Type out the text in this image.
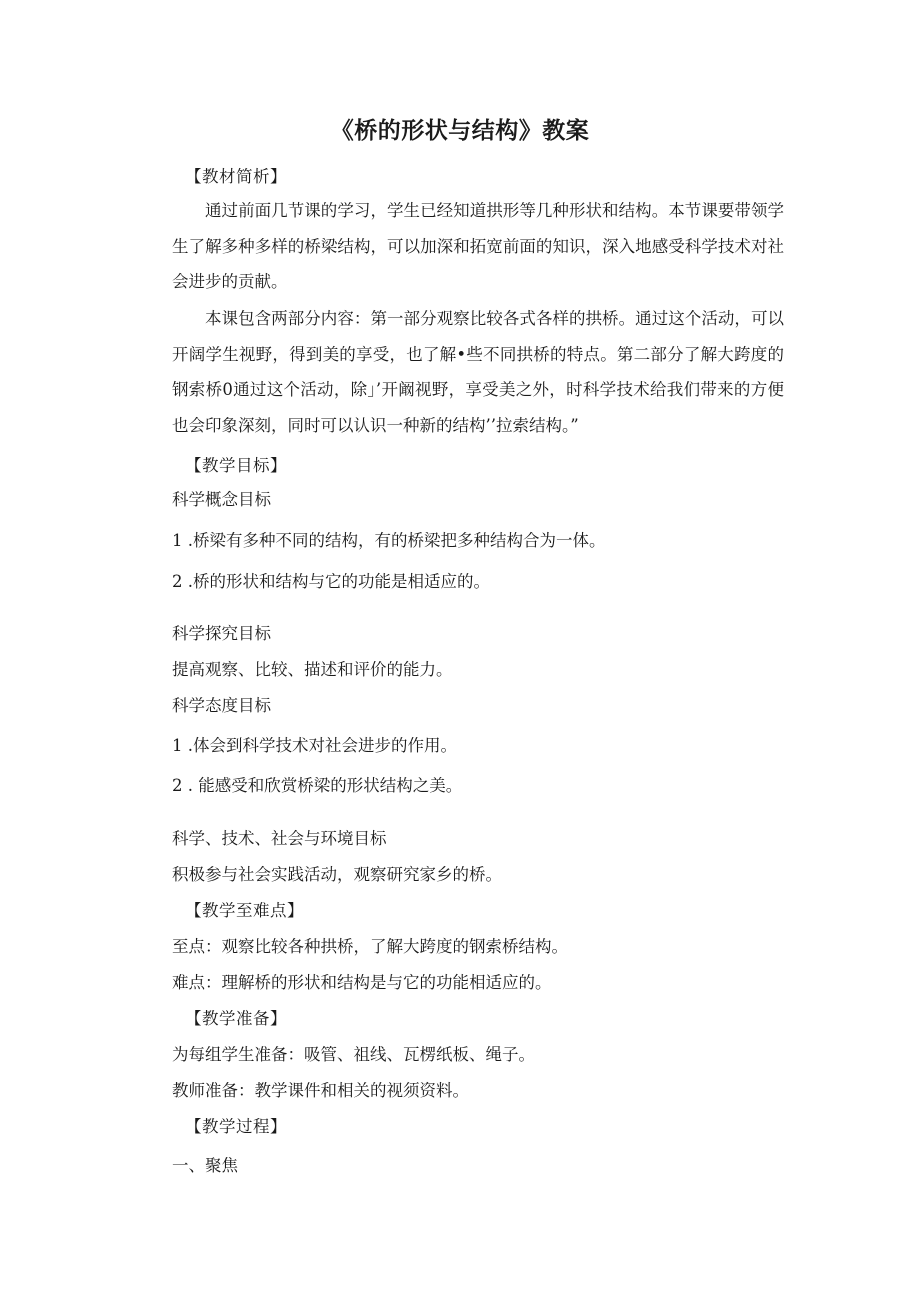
《桥的形状与结构》教案
【教材简析】
通过前面几节课的学习，学生已经知道拱形等几种形状和结构。本节课要带领学生了解多种多样的桥梁结构，可以加深和拓宽前面的知识，深入地感受科学技术对社会进步的贡献。
本课包含两部分内容：第一部分观察比较各式各样的拱桥。通过这个活动，可以开阔学生视野，得到美的享受，也了解•些不同拱桥的特点。第二部分了解大跨度的钢索桥0通过这个活动，除」’开阚视野，享受美之外，时科学技术给我们带来的方便也会印象深刻，同时可以认识一种新的结构’’拉索结构。”
【教学目标】
科学概念目标
1 .桥梁有多种不同的结构，有的桥梁把多种结构合为一体。
2 .桥的形状和结构与它的功能是相适应的。
科学探究目标
提高观察、比较、描述和评价的能力。
科学态度目标
1 .体会到科学技术对社会进步的作用。
2 . 能感受和欣赏桥梁的形状结构之美。
科学、技术、社会与环境目标
积极参与社会实践活动，观察研究家乡的桥。
【教学至难点】
至点：观察比较各种拱桥，了解大跨度的钢索桥结构。
难点：理解桥的形状和结构是与它的功能相适应的。
【教学准备】
为每组学生准备：吸管、祖线、瓦楞纸板、绳子。
教师准备：教学课件和相关的视须资料。
【教学过程】
一、聚焦
